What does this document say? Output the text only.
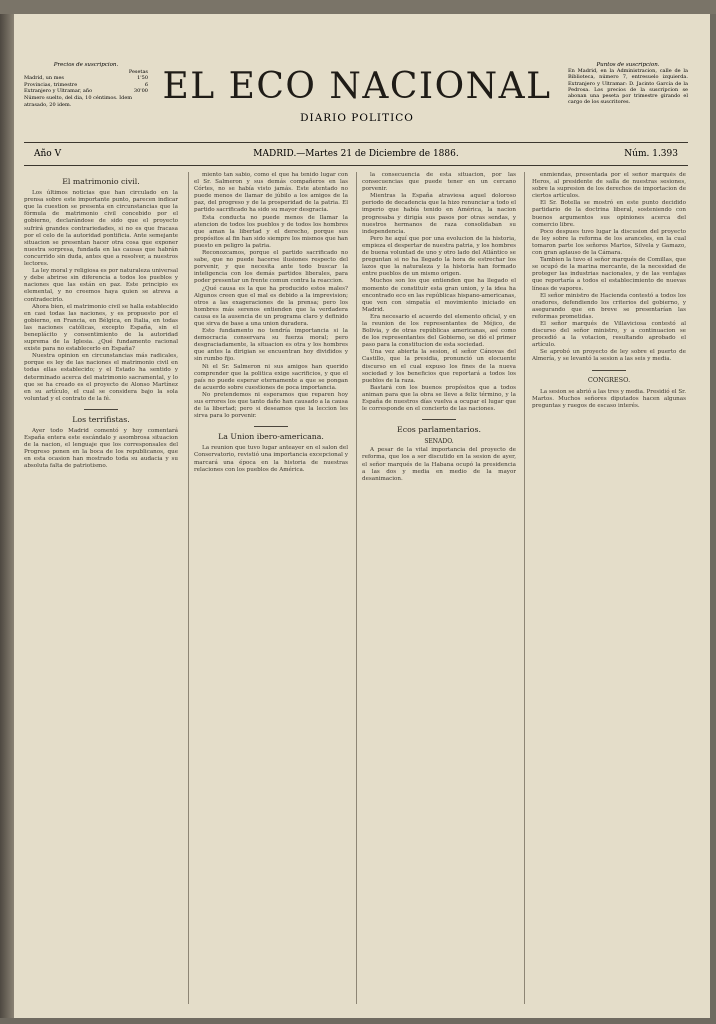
Precios de suscripcion.
Pesetas
Madrid, un mes	1'50
Provincias, trimestre	6
Extranjero y Ultramar, año	30'00
Número suelto, del dia, 10 céntimos. Idem atrasado, 20 idem.	EL ECO NACIONAL
DIARIO POLITICO
Puntos de suscripcion.
En Madrid, en la Administracion, calle de la Biblioteca, número 7, entresuelo izquierda. Extranjero y Ultramar: D. Jacinto García de la Pedrosa. Los precios de la suscripcion se abonan una peseta por trimestre girando el cargo de los suscritores.
Año V	MADRID.—Martes 21 de Diciembre de 1886.	Núm. 1.393
El matrimonio civil.

Los últimos noticias que han circulado en la prensa sobre este importante punto, parecen indicar que la cuestion se presenta en circunstancias que la fórmula de matrimonio civil concebido por el gobierno, declarándose de sido que el proyecto sufrirá grandes contrariedades, si no es que fracasa por el celo de la autoridad pontificia. Ante semejante situacion se presentan hacer otra cosa que exponer nuestra sorpresa, fundada en las causas que habrán concurrido sin duda, antes que a resolver, a nuestros lectores.

La ley moral y religiosa es por naturaleza universal y debe abrirse sin diferencia a todos los pueblos y naciones que las están en paz. Este principio es elemental, y no creemos haya quien se atreva a contradecirlo.

Ahora bien, el matrimonio civil se halla establecido en casi todas las naciones, y es propuesto por el gobierno, en Francia, en Bélgica, en Italia, en todas las naciones católicas, excepto España, sin el beneplácito y consentimiento de la autoridad suprema de la Iglesia. ¿Qué fundamento racional existe para no establecerlo en España?

Nuestra opinion en circunstancias más radicales, porque es ley de las naciones el matrimonio civil en todas ellas establecido; y el Estado ha sentido y determinado acerca del matrimonio sacramental, y lo que se ha creado es el proyecto de Alonso Martínez en su artículo, el cual se considera bajo la sola voluntad y el contrato de la fé.

Los terrifistas.

Ayer todo Madrid comentó y hoy comentará España entera este escándalo y asombrosa situacion de la nacion, el lenguaje que los corresponsales del Progreso ponen en la boca de los republicanos, que en esta ocasion han mostrado toda su audacia y su absoluta falta de patriotismo.

miento tan sabio, como el que ha tenido lugar con el Sr. Salmeron y sus demás compañeros en las Córtes, no se había visto jamás. Este atentado no puede menos de llamar de júbilo a los amigos de la paz, del progreso y de la prosperidad de la patria. El partido sacrificado ha sido su mayor desgracia.

Esta conducta no puede menos de llamar la atencion de todos los pueblos y de todos los hombres que aman la libertad y el derecho, porque sus propósitos al fin han sido siempre los mismos que han puesto en peligro la patria.

Reconozcamos, porque el partido sacrificado no sabe, que no puede hacerse ilusiones respecto del porvenir, y que necesita ante todo buscar la inteligencia con los demás partidos liberales, para poder presentar un frente comun contra la reaccion.

¿Qué causa es la que ha producido estos males? Algunos creen que el mal es debido a la imprevision; otros a las exageraciones de la prensa; pero los hombres más serenos entienden que la verdadera causa es la ausencia de un programa claro y definido que sirva de base a una union duradera.

Esto fundamento no tendría importancia si la democracia conservara su fuerza moral; pero desgraciadamente, la situacion es otra y los hombres que antes la dirigian se encuentran hoy divididos y sin rumbo fijo.

Ni el Sr. Salmeron ni sus amigos han querido comprender que la politica exige sacrificios, y que el país no puede esperar eternamente a que se pongan de acuerdo sobre cuestiones de poca importancia.

No pretendemos ni esperamos que reparen hoy sus errores los que tanto daño han causado a la causa de la libertad; pero si deseamos que la leccion les sirva para lo porvenir.

La Union ibero-americana.

La reunion que tuvo lugar anteayer en el salon del Conservatorio, revistió una importancia excepcional y marcará una época en la historia de nuestras relaciones con los pueblos de América.

la consecuencia de esta situacion, por las consecuencias que puede tener en un cercano porvenir.

Mientras la España atraviesa aquel doloroso periodo de decadencia que la hizo renunciar a todo el imperio que había tenido en América, la nacion progresaba y dirigía sus pasos por otras sendas, y nuestros hermanos de raza consolidaban su independencia.

Pero he aquí que por una evolucion de la historia, empieza el despertar de nuestra patria, y los hombres de buena voluntad de uno y otro lado del Atlántico se preguntan si no ha llegado la hora de estrechar los lazos que la naturaleza y la historia han formado entre pueblos de un mismo origen.

Muchos son los que entienden que ha llegado el momento de constituir esta gran union, y la idea ha encontrado eco en las repúblicas hispano-americanas, que ven con simpatía el movimiento iniciado en Madrid.

Era necesario el acuerdo del elemento oficial, y en la reunion de los representantes de Méjico, de Bolivia, y de otras repúblicas americanas, así como de los representantes del Gobierno, se dió el primer paso para la constitucion de esta sociedad.

Una vez abierta la sesion, el señor Cánovas del Castillo, que la presidia, pronunció un elocuente discurso en el cual expuso los fines de la nueva sociedad y los beneficios que reportará a todos los pueblos de la raza.

Bastará con los buenos propósitos que a todos animan para que la obra se lleve a feliz término, y la España de nuestros días vuelva a ocupar el lugar que le corresponde en el concierto de las naciones.

Ecos parlamentarios.
SENADO.

A pesar de la vital importancia del proyecto de reforma, que los a ser discutido en la sesion de ayer, el señor marqués de la Habana ocupó la presidencia a las dos y media en medio de la mayor desanimacion.

enmiendas, presentada por el señor marqués de Heros, al presidente de salla de nuestras sesiones, sobre la supresion de los derechos de importacion de ciertos artículos.

El Sr. Botella se mostró en este punto decidido partidario de la doctrina liberal, sosteniendo con buenos argumentos sus opiniones acerca del comercio libre.

Poco despues tuvo lugar la discusion del proyecto de ley sobre la reforma de los aranceles, en la cual tomaron parte los señores Martos, Silvela y Gamazo, con gran aplauso de la Cámara.

Tambien la tuvo el señor marqués de Comillas, que se ocupó de la marina mercante, de la necesidad de proteger las industrias nacionales, y de las ventajas que reportaría a todos el establecimiento de nuevas líneas de vapores.

El señor ministro de Hacienda contestó a todos los oradores, defendiendo los criterios del gobierno, y asegurando que en breve se presentarían las reformas prometidas.

El señor marqués de Villaviciosa contestó al discurso del señor ministro, y a continuacion se procedió a la votacion, resultando aprobado el artículo.

Se aprobó un proyecto de ley sobre el puerto de Almería, y se levantó la sesion a las seis y media.

CONGRESO.

La sesion se abrió a las tres y media. Presidió el Sr. Martos. Muchos señores diputados hacen algunas preguntas y ruegos de escaso interés.
